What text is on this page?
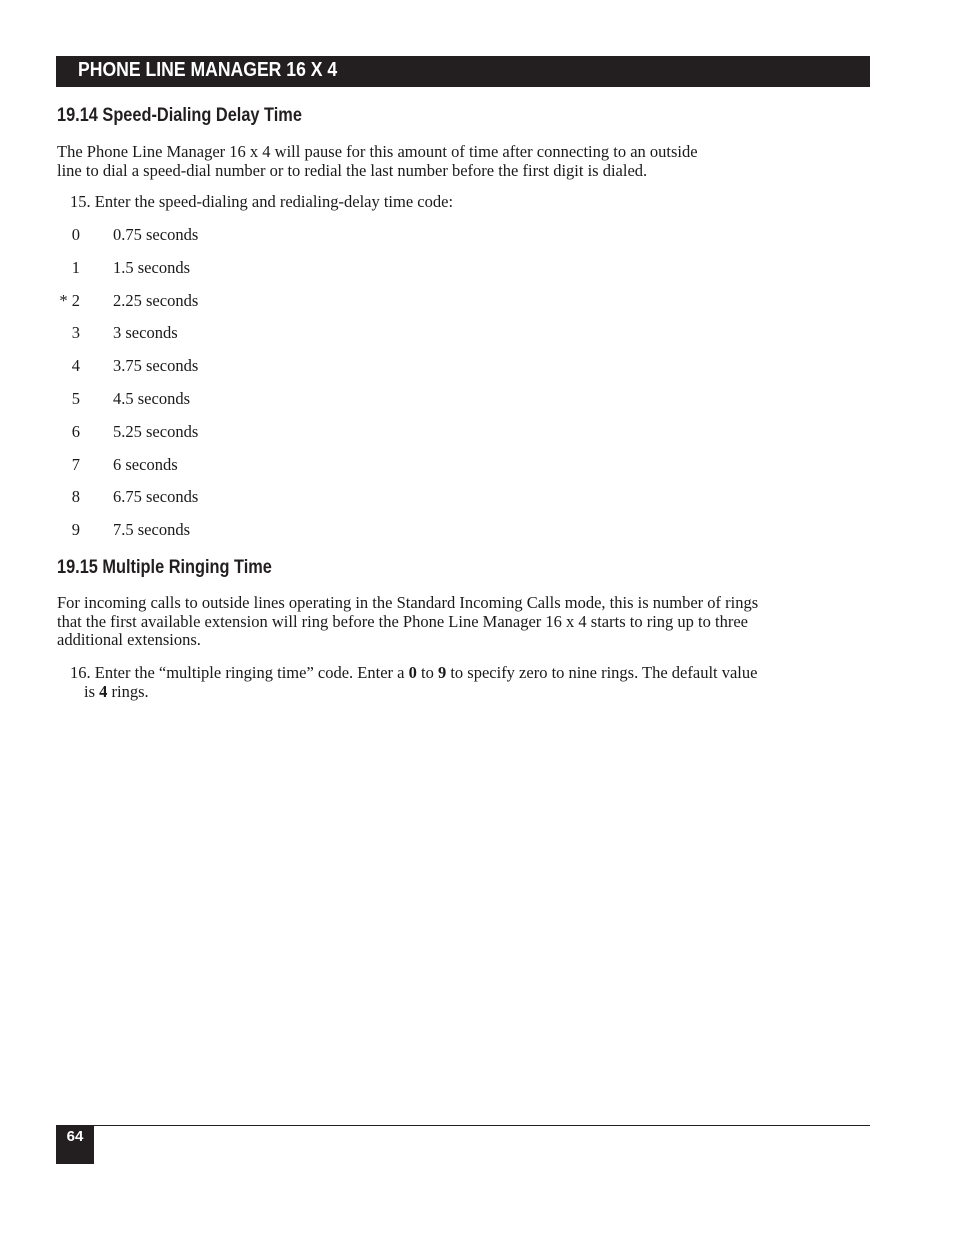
PHONE LINE MANAGER 16 X 4
19.14 Speed-Dialing Delay Time
The Phone Line Manager 16 x 4 will pause for this amount of time after connecting to an outside
line to dial a speed-dial number or to redial the last number before the first digit is dialed.
15. Enter the speed-dialing and redialing-delay time code:
0 0.75 seconds
1 1.5 seconds
* 2 2.25 seconds
3 3 seconds
4 3.75 seconds
5 4.5 seconds
6 5.25 seconds
7 6 seconds
8 6.75 seconds
9 7.5 seconds
19.15 Multiple Ringing Time
For incoming calls to outside lines operating in the Standard Incoming Calls mode, this is number of rings
that the first available extension will ring before the Phone Line Manager 16 x 4 starts to ring up to three
additional extensions.
16. Enter the “multiple ringing time” code. Enter a 0 to 9 to specify zero to nine rings. The default value
is 4 rings.
64
